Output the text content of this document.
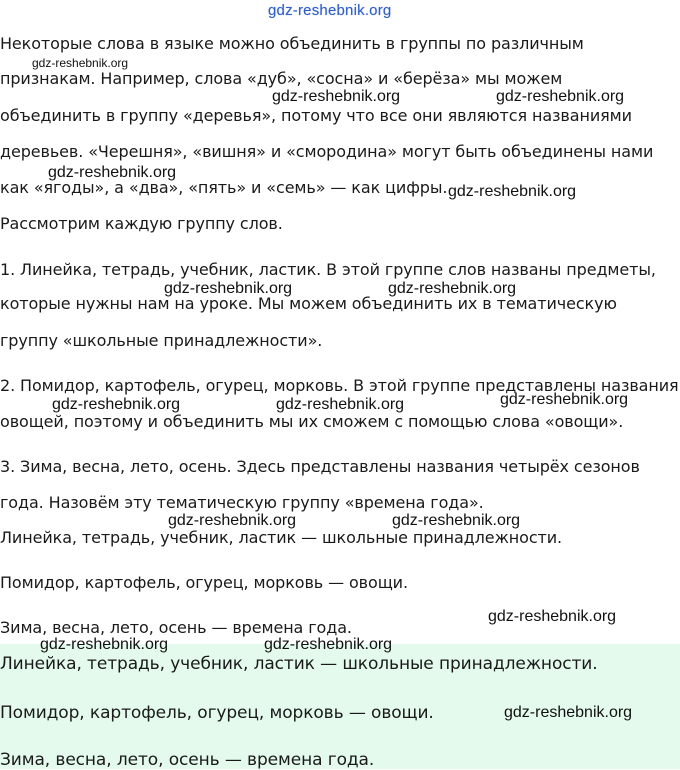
gdz-reshebnik.org
Некоторые слова в языке можно объединить в группы по различным
признакам. Например, слова «дуб», «сосна» и «берёза» мы можем
объединить в группу «деревья», потому что все они являются названиями
деревьев. «Черешня», «вишня» и «смородина» могут быть объединены нами
как «ягоды», а «два», «пять» и «семь» — как цифры.
Рассмотрим каждую группу слов.
1. Линейка, тетрадь, учебник, ластик. В этой группе слов названы предметы,
которые нужны нам на уроке. Мы можем объединить их в тематическую
группу «школьные принадлежности».
2. Помидор, картофель, огурец, морковь. В этой группе представлены названия
овощей, поэтому и объединить мы их сможем с помощью слова «овощи».
3. Зима, весна, лето, осень. Здесь представлены названия четырёх сезонов
года. Назовём эту тематическую группу «времена года».
Линейка, тетрадь, учебник, ластик — школьные принадлежности.
Помидор, картофель, огурец, морковь — овощи.
Зима, весна, лето, осень — времена года.
Линейка, тетрадь, учебник, ластик — школьные принадлежности.
Помидор, картофель, огурец, морковь — овощи.
Зима, весна, лето, осень — времена года.
gdz-reshebnik.org
gdz-reshebnik.org	gdz-reshebnik.org
gdz-reshebnik.org
gdz-reshebnik.org
gdz-reshebnik.org	gdz-reshebnik.org
gdz-reshebnik.org	gdz-reshebnik.org	gdz-reshebnik.org
gdz-reshebnik.org	gdz-reshebnik.org
gdz-reshebnik.org
gdz-reshebnik.org	gdz-reshebnik.org
gdz-reshebnik.org
